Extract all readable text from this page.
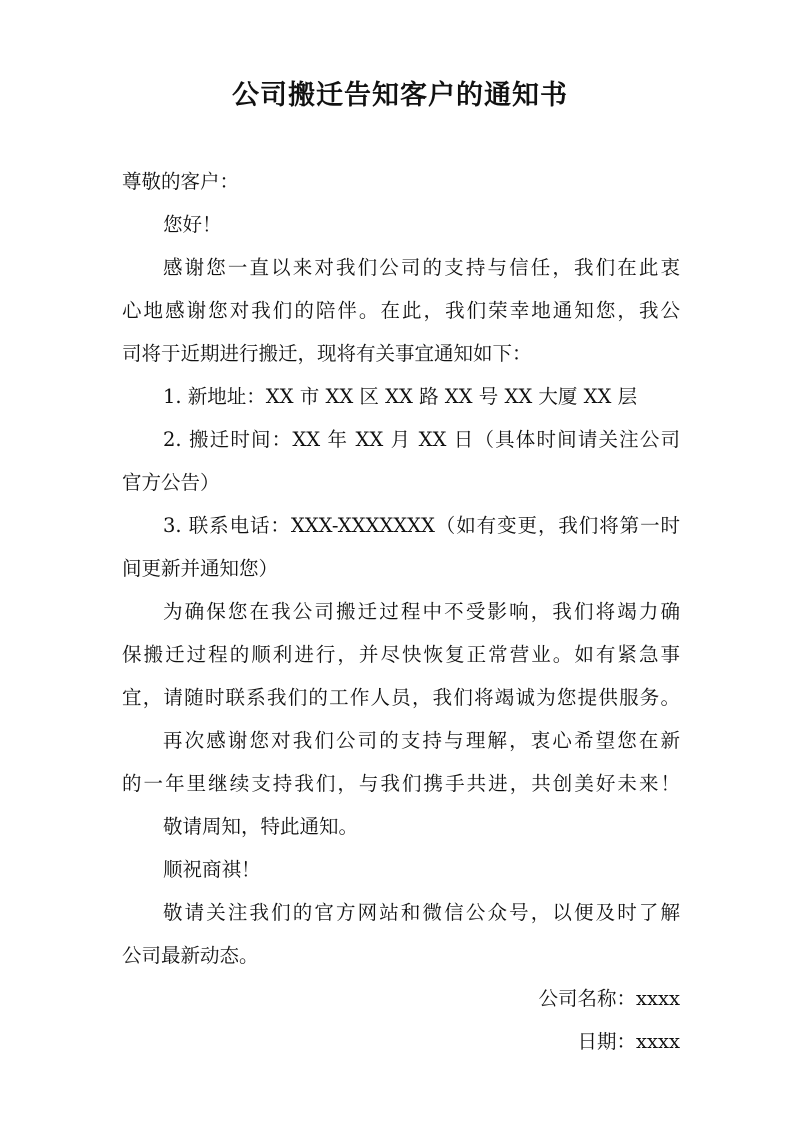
公司搬迁告知客户的通知书
尊敬的客户：
您好！
感谢您一直以来对我们公司的支持与信任，我们在此衷
心地感谢您对我们的陪伴。在此，我们荣幸地通知您，我公
司将于近期进行搬迁，现将有关事宜通知如下：
1. 新地址：XX 市 XX 区 XX 路 XX 号 XX 大厦 XX 层
2. 搬迁时间：XX 年 XX 月 XX 日（具体时间请关注公司
官方公告）
3. 联系电话：XXX-XXXXXXX（如有变更，我们将第一时
间更新并通知您）
为确保您在我公司搬迁过程中不受影响，我们将竭力确
保搬迁过程的顺利进行，并尽快恢复正常营业。如有紧急事
宜，请随时联系我们的工作人员，我们将竭诚为您提供服务。
再次感谢您对我们公司的支持与理解，衷心希望您在新
的一年里继续支持我们，与我们携手共进，共创美好未来！
敬请周知，特此通知。
顺祝商祺！
敬请关注我们的官方网站和微信公众号，以便及时了解
公司最新动态。
公司名称：xxxx
日期：xxxx
